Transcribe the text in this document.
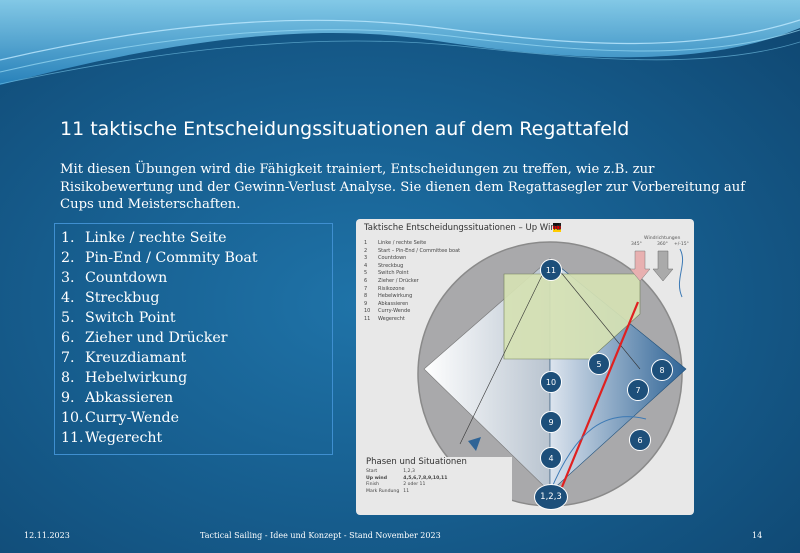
11 taktische Entscheidungssituationen auf dem Regattafeld
Mit diesen Übungen wird die Fähigkeit trainiert, Entscheidungen zu treffen, wie z.B. zur Risikobewertung und der Gewinn-Verlust Analyse. Sie dienen dem Regattasegler zur Vorbereitung auf Cups und Meisterschaften.
1. Linke / rechte Seite
2. Pin-End / Commity Boat
3. Countdown
4. Streckbug
5. Switch Point
6. Zieher und Drücker
7. Kreuzdiamant
8. Hebelwirkung
9. Abkassieren
10.Curry-Wende
11.Wegerecht
Taktische Entscheidungssituationen – Up Wind
1 Linke / rechte Seite
2 Start – Pin-End / Committee boat
3 Countdown
4 Streckbug
5 Switch Point
6 Zieher / Drücker
7 Risikozone
8 Hebelwirkung
9 Abkassieren
10 Curry-Wende
11 Wegerecht
Windrichtungen
345°	360° +/-15°
11
5
8
10
7
9
6
4
1,2,3
Phasen und Situationen
Start	1,2,3
Up wind	4,5,6,7,8,9,10,11
Finish	2 oder 11
Mark Rundung	11
12.11.2023	Tactical Sailing - Idee und Konzept - Stand November 2023	14
